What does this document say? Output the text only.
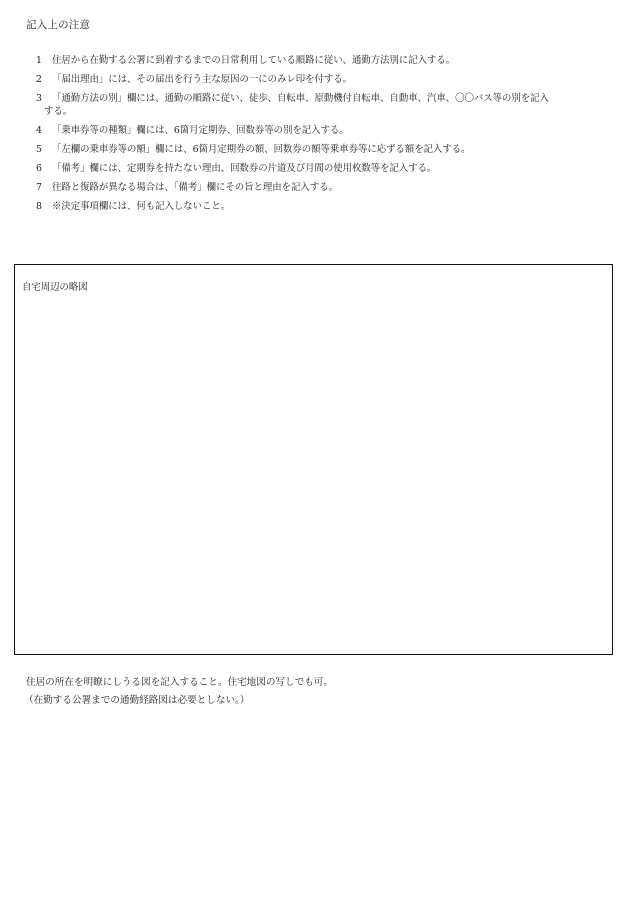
記入上の注意
1	住居から在勤する公署に到着するまでの日常利用している順路に従い、通勤方法別に記入する。
2	「届出理由」には、その届出を行う主な原因の一にのみレ印を付する。
3	「通勤方法の別」欄には、通勤の順路に従い、徒歩、自転車、原動機付自転車、自動車、汽車、〇〇バス等の別を記入
する。
4	「乗車券等の種類」欄には、6箇月定期券、回数券等の別を記入する。
5	「左欄の乗車券等の額」欄には、6箇月定期券の額、回数券の額等乗車券等に応ずる額を記入する。
6	「備考」欄には、定期券を持たない理由、回数券の片道及び月間の使用枚数等を記入する。
7	往路と復路が異なる場合は、「備考」欄にその旨と理由を記入する。
8	※決定事項欄には、何も記入しないこと。
自宅周辺の略図
住居の所在を明瞭にしうる図を記入すること。住宅地図の写しでも可。
（在勤する公署までの通勤経路図は必要としない。）
